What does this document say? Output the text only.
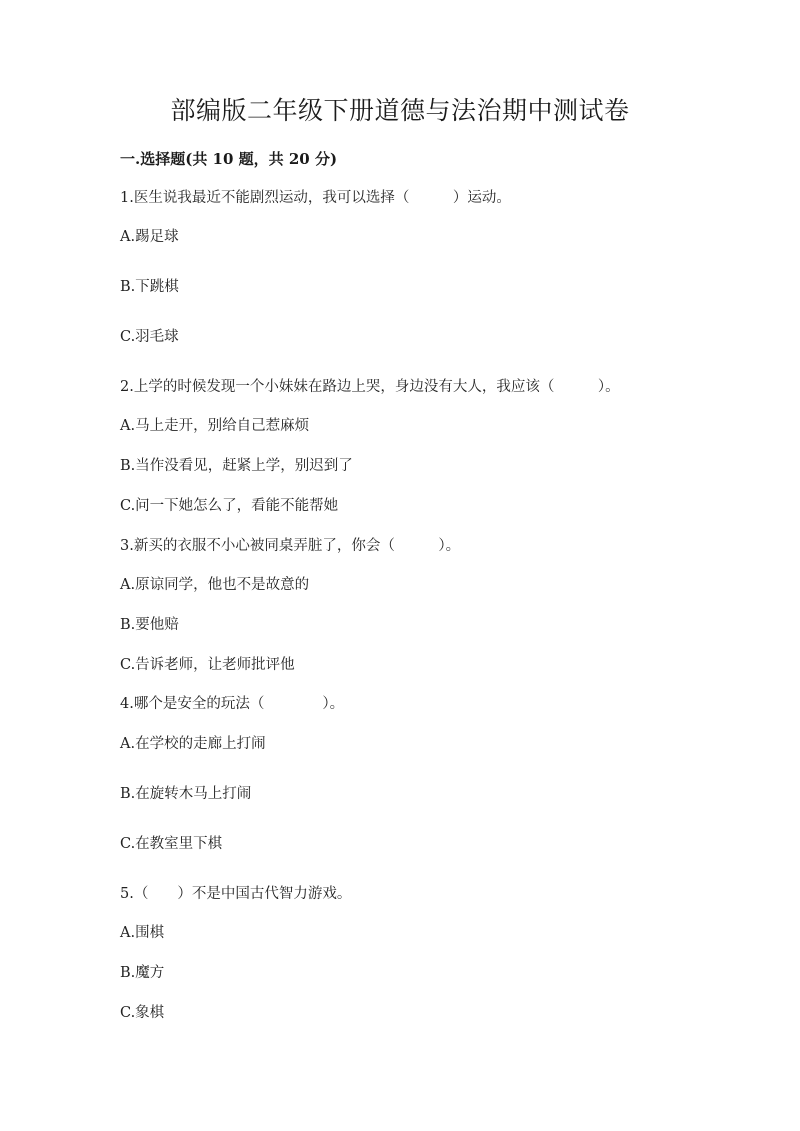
部编版二年级下册道德与法治期中测试卷
一.选择题(共 10 题，共 20 分)
1.医生说我最近不能剧烈运动，我可以选择（　　　）运动。
A.踢足球
B.下跳棋
C.羽毛球
2.上学的时候发现一个小妹妹在路边上哭，身边没有大人，我应该（　　　）。
A.马上走开，别给自己惹麻烦
B.当作没看见，赶紧上学，别迟到了
C.问一下她怎么了，看能不能帮她
3.新买的衣服不小心被同桌弄脏了，你会（　　　）。
A.原谅同学，他也不是故意的
B.要他赔
C.告诉老师，让老师批评他
4.哪个是安全的玩法（　　　　）。
A.在学校的走廊上打闹
B.在旋转木马上打闹
C.在教室里下棋
5.（　　）不是中国古代智力游戏。
A.围棋
B.魔方
C.象棋
